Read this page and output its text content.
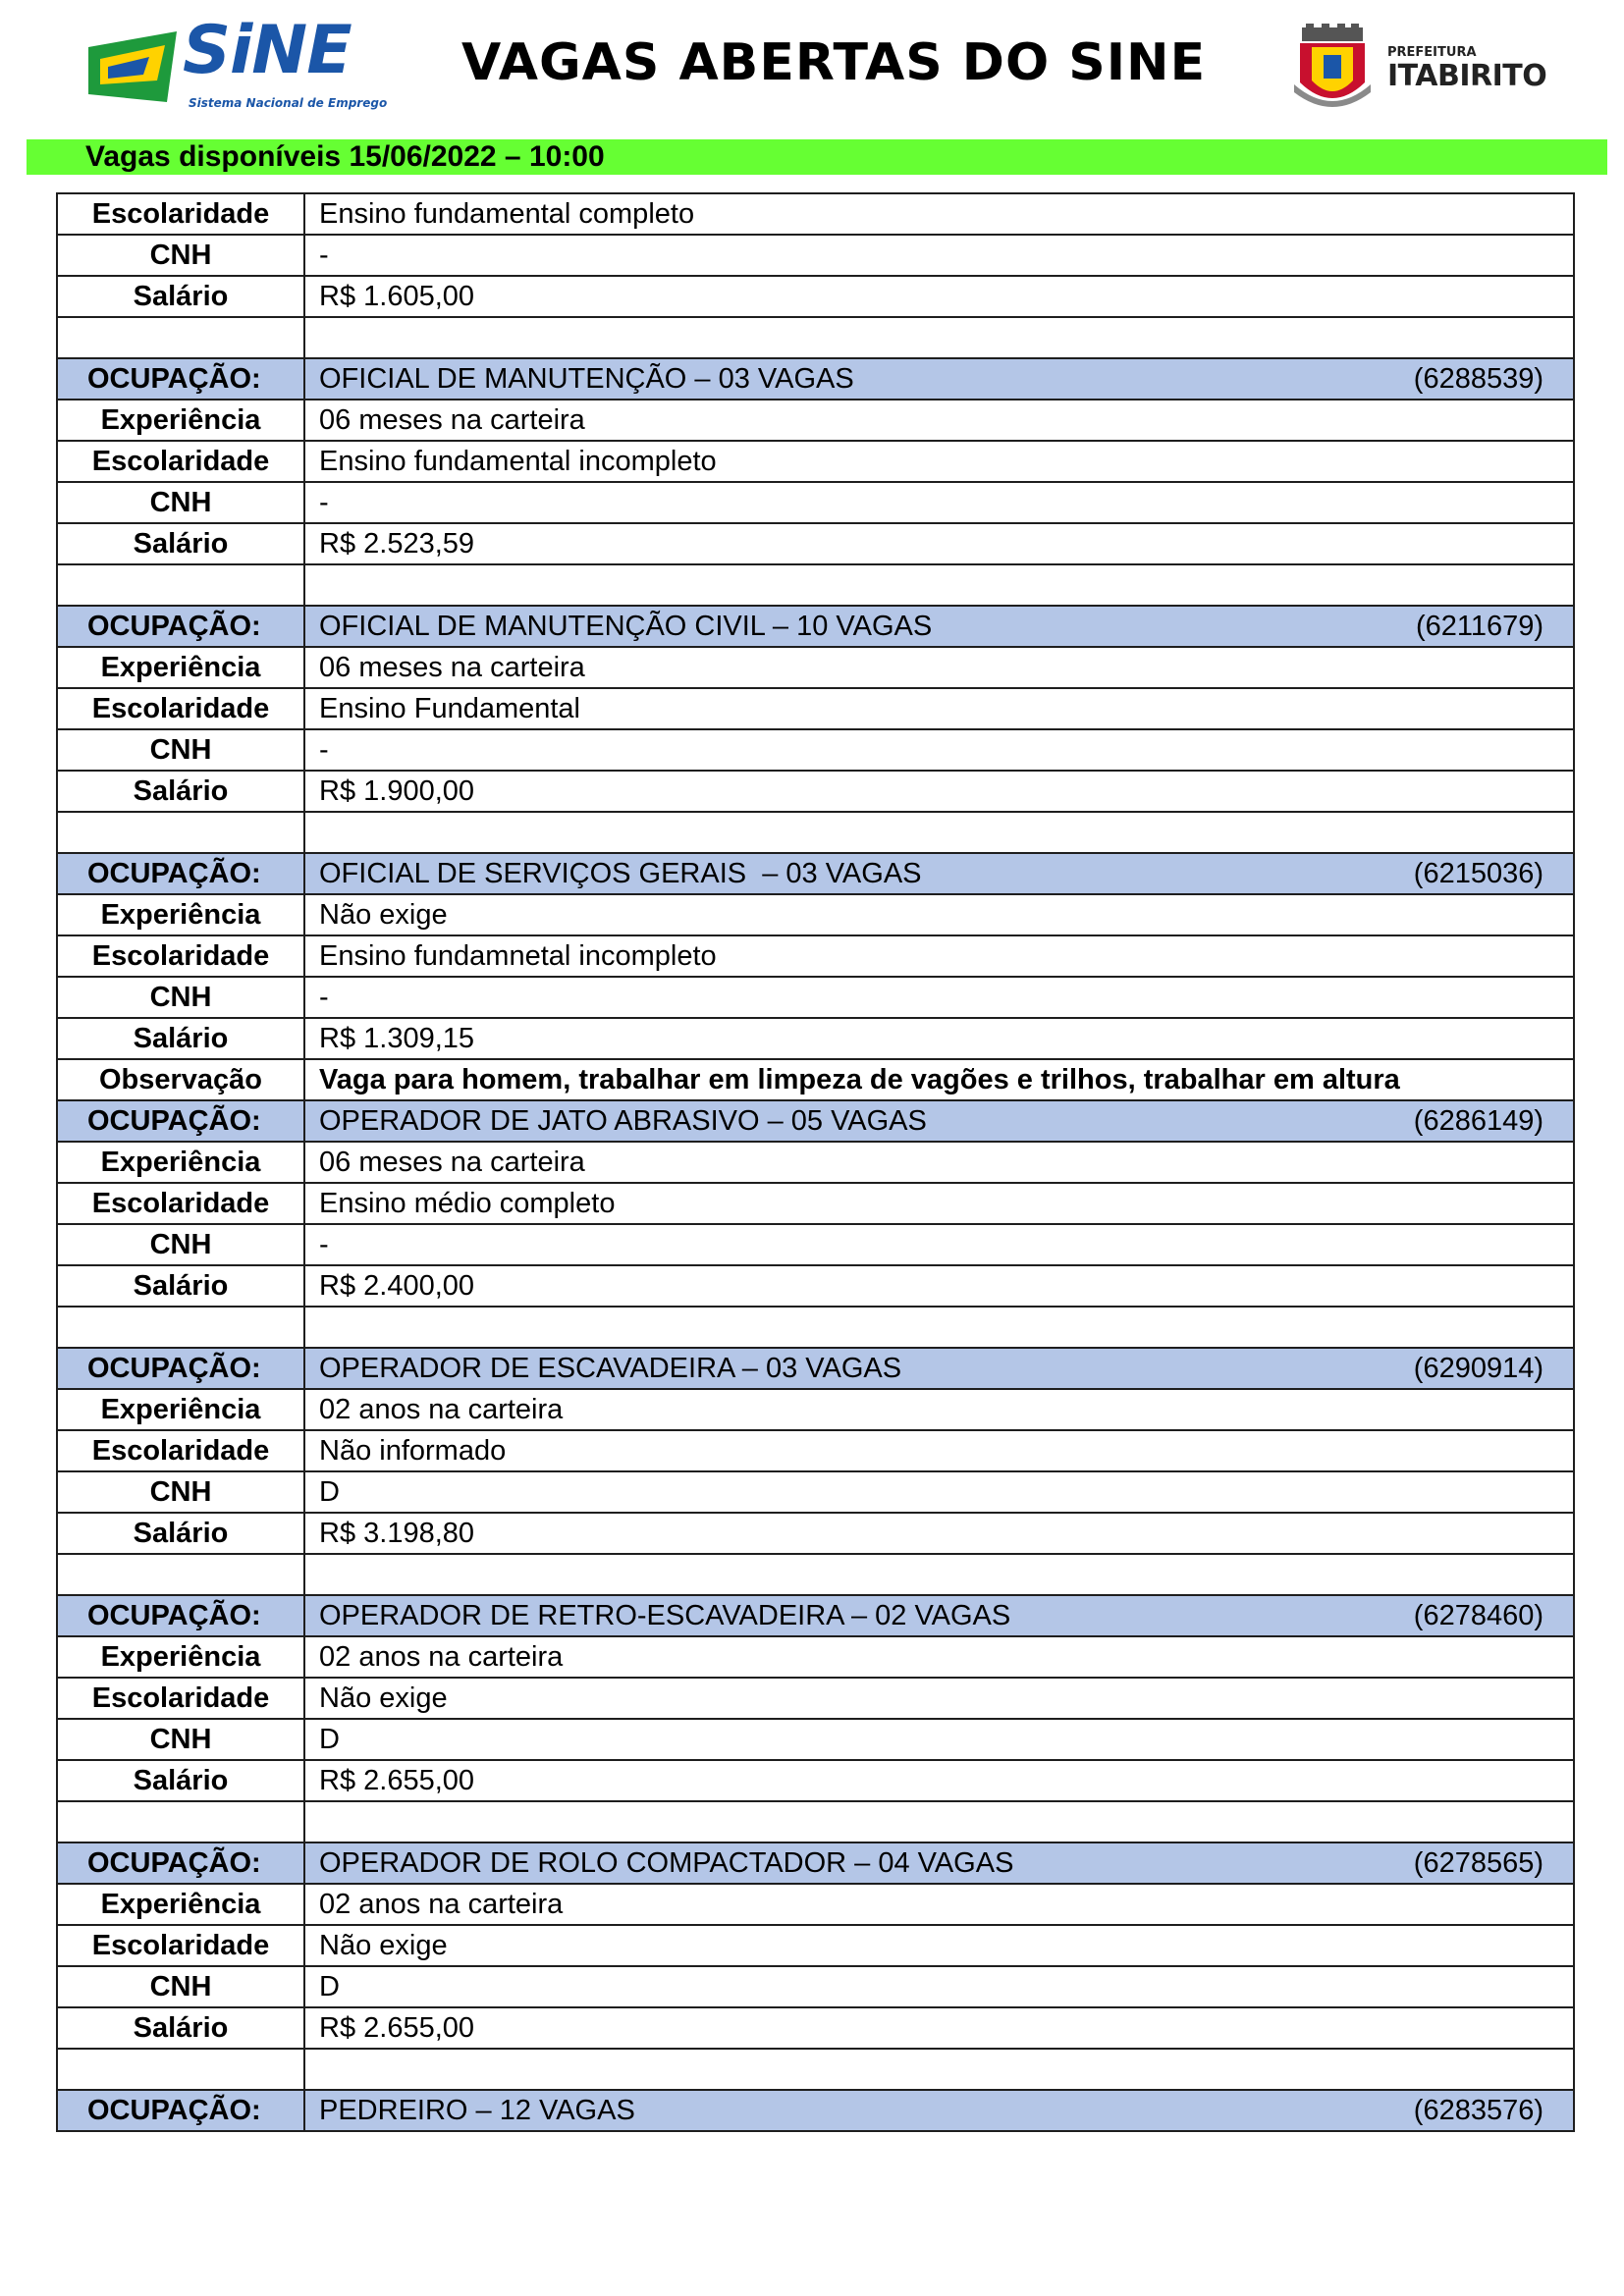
SiNE
Sistema Nacional de Emprego
VAGAS ABERTAS DO SINE	PREFEITURA
ITABIRITO
Vagas disponíveis 15/06/2022 – 10:00
Escolaridade	Ensino fundamental completo
CNH	-
Salário	R$ 1.605,00

OCUPAÇÃO:	OFICIAL DE MANUTENÇÃO – 03 VAGAS (6288539)

Experiência	06 meses na carteira
Escolaridade	Ensino fundamental incompleto
CNH	-
Salário	R$ 2.523,59

OCUPAÇÃO:	OFICIAL DE MANUTENÇÃO CIVIL – 10 VAGAS (6211679)

Experiência	06 meses na carteira
Escolaridade	Ensino Fundamental
CNH	-
Salário	R$ 1.900,00

OCUPAÇÃO:	OFICIAL DE SERVIÇOS GERAIS  – 03 VAGAS (6215036)

Experiência	Não exige
Escolaridade	Ensino fundamnetal incompleto
CNH	-
Salário	R$ 1.309,15
Observação	Vaga para homem, trabalhar em limpeza de vagões e trilhos, trabalhar em altura
OCUPAÇÃO:	OPERADOR DE JATO ABRASIVO – 05 VAGAS (6286149)

Experiência	06 meses na carteira
Escolaridade	Ensino médio completo
CNH	-
Salário	R$ 2.400,00

OCUPAÇÃO:	OPERADOR DE ESCAVADEIRA – 03 VAGAS (6290914)

Experiência	02 anos na carteira
Escolaridade	Não informado
CNH	D
Salário	R$ 3.198,80

OCUPAÇÃO:	OPERADOR DE RETRO-ESCAVADEIRA – 02 VAGAS (6278460)

Experiência	02 anos na carteira
Escolaridade	Não exige
CNH	D
Salário	R$ 2.655,00

OCUPAÇÃO:	OPERADOR DE ROLO COMPACTADOR – 04 VAGAS (6278565)

Experiência	02 anos na carteira
Escolaridade	Não exige
CNH	D
Salário	R$ 2.655,00

OCUPAÇÃO:	PEDREIRO – 12 VAGAS (6283576)
